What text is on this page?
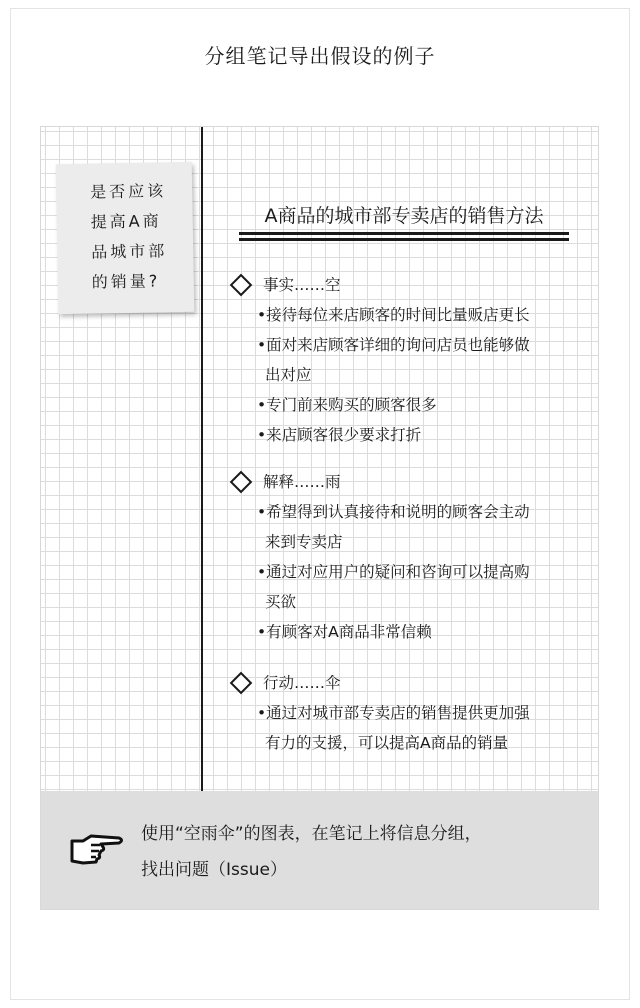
分组笔记导出假设的例子
是否应该
提高A商
品城市部
的销量?
A商品的城市部专卖店的销售方法
事实……空
•接待每位来店顾客的时间比量贩店更长
•面对来店顾客详细的询问店员也能够做
出对应
•专门前来购买的顾客很多
•来店顾客很少要求打折
解释……雨
•希望得到认真接待和说明的顾客会主动
来到专卖店
•通过对应用户的疑问和咨询可以提高购
买欲
•有顾客对A商品非常信赖
行动……伞
•通过对城市部专卖店的销售提供更加强
有力的支援，可以提高A商品的销量
使用“空雨伞”的图表，在笔记上将信息分组，
找出问题（Issue）
